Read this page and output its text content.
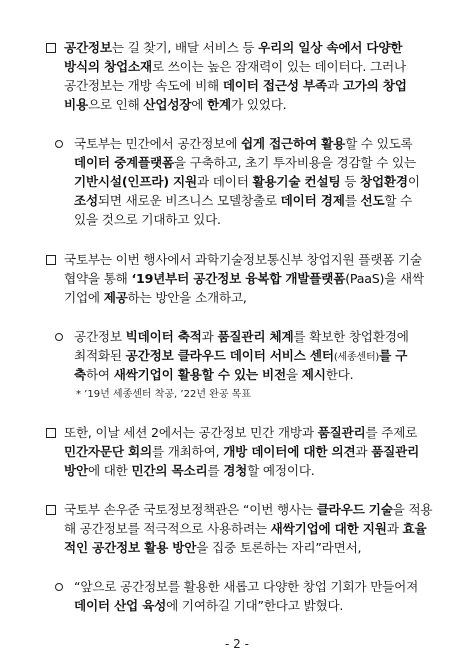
공간정보는 길 찾기, 배달 서비스 등 우리의 일상 속에서 다양한
방식의 창업소재로 쓰이는 높은 잠재력이 있는 데이터다. 그러나
공간정보는 개방 속도에 비해 데이터 접근성 부족과 고가의 창업
비용으로 인해 산업성장에 한계가 있었다.
국토부는 민간에서 공간정보에 쉽게 접근하여 활용할 수 있도록
데이터 중계플랫폼을 구축하고, 초기 투자비용을 경감할 수 있는
기반시설(인프라) 지원과 데이터 활용기술 컨설팅 등 창업환경이
조성되면 새로운 비즈니스 모델창출로 데이터 경제를 선도할 수
있을 것으로 기대하고 있다.
국토부는 이번 행사에서 과학기술정보통신부 창업지원 플랫폼 기술
협약을 통해 ‘19년부터 공간정보 융복합 개발플랫폼(PaaS)을 새싹
기업에 제공하는 방안을 소개하고,
공간정보 빅데이터 축적과 품질관리 체계를 확보한 창업환경에
최적화된 공간정보 클라우드 데이터 서비스 센터(세종센터)를 구
축하여 새싹기업이 활용할 수 있는 비전을 제시한다.
* ’19년 세종센터 착공, ’22년 완공 목표
또한, 이날 세션 2에서는 공간정보 민간 개방과 품질관리를 주제로
민간자문단 회의를 개최하여, 개방 데이터에 대한 의견과 품질관리
방안에 대한 민간의 목소리를 경청할 예정이다.
국토부 손우준 국토정보정책관은 “이번 행사는 클라우드 기술을 적용
해 공간정보를 적극적으로 사용하려는 새싹기업에 대한 지원과 효율
적인 공간정보 활용 방안을 집중 토론하는 자리”라면서,
“앞으로 공간정보를 활용한 새롭고 다양한 창업 기회가 만들어져
데이터 산업 육성에 기여하길 기대”한다고 밝혔다.
- 2 -
